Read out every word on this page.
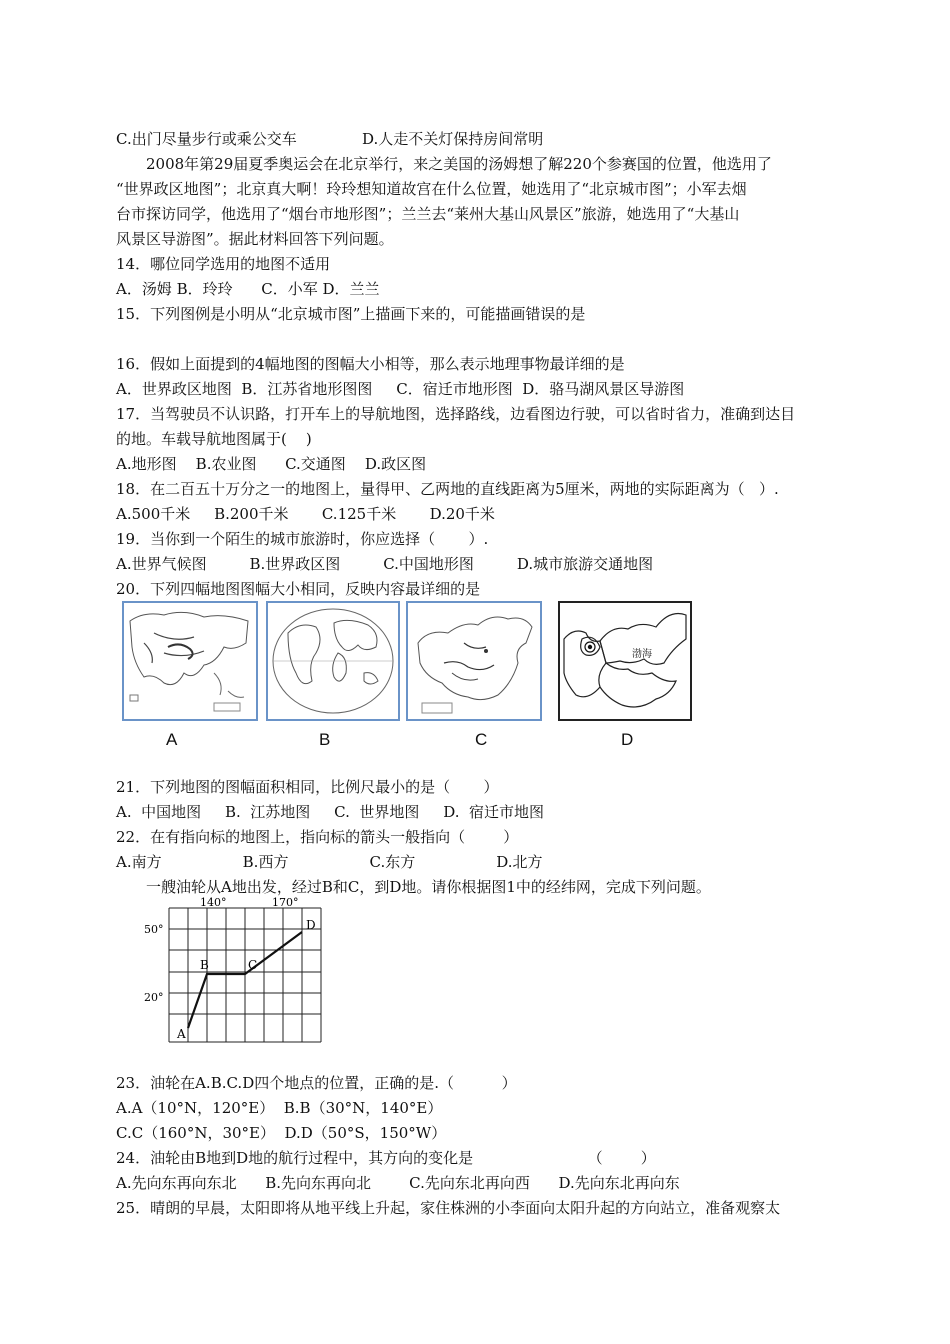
C.出门尽量步行或乘公交车	D.人走不关灯保持房间常明
2008年第29届夏季奥运会在北京举行，来之美国的汤姆想了解220个参赛国的位置，他选用了
“世界政区地图”；北京真大啊！玲玲想知道故宫在什么位置，她选用了“北京城市图”；小军去烟
台市探访同学，他选用了“烟台市地形图”；兰兰去“莱州大基山风景区”旅游，她选用了“大基山
风景区导游图”。据此材料回答下列问题。
14．哪位同学选用的地图不适用
A．汤姆 B．玲玲      C．小军 D．兰兰
15．下列图例是小明从“北京城市图”上描画下来的，可能描画错误的是
16．假如上面提到的4幅地图的图幅大小相等，那么表示地理事物最详细的是
A．世界政区地图  B．江苏省地形图图     C．宿迁市地形图  D．骆马湖风景区导游图
17．当驾驶员不认识路，打开车上的导航地图，选择路线，边看图边行驶，可以省时省力，准确到达目
的地。车载导航地图属于(    )
A.地形图    B.农业图      C.交通图    D.政区图
18．在二百五十万分之一的地图上，量得甲、乙两地的直线距离为5厘米，两地的实际距离为（   ）.
A.500千米     B.200千米       C.125千米       D.20千米
19．当你到一个陌生的城市旅游时，你应选择（       ）.
A.世界气候图         B.世界政区图         C.中国地形图         D.城市旅游交通地图
20．下列四幅地图图幅大小相同，反映内容最详细的是
渤海
A	B	C	D
21．下列地图的图幅面积相同，比例尺最小的是（       ）
A.  中国地图     B.  江苏地图     C.  世界地图     D.  宿迁市地图
22．在有指向标的地图上，指向标的箭头一般指向（        ）
A.南方                 B.西方                 C.东方                 D.北方
一艘油轮从A地出发，经过B和C，到D地。请你根据图1中的经纬网，完成下列问题。
140°	170°
50°
20°
A
B	C
D
23．油轮在A.B.C.D四个地点的位置，正确的是.（          ）
A.A（10°N，120°E）  B.B（30°N，140°E）
C.C（160°N，30°E）  D.D（50°S，150°W）
24．油轮由B地到D地的航行过程中，其方向的变化是                        （        ）
A.先向东再向东北      B.先向东再向北        C.先向东北再向西      D.先向东北再向东
25．晴朗的早晨，太阳即将从地平线上升起，家住株洲的小李面向太阳升起的方向站立，准备观察太
